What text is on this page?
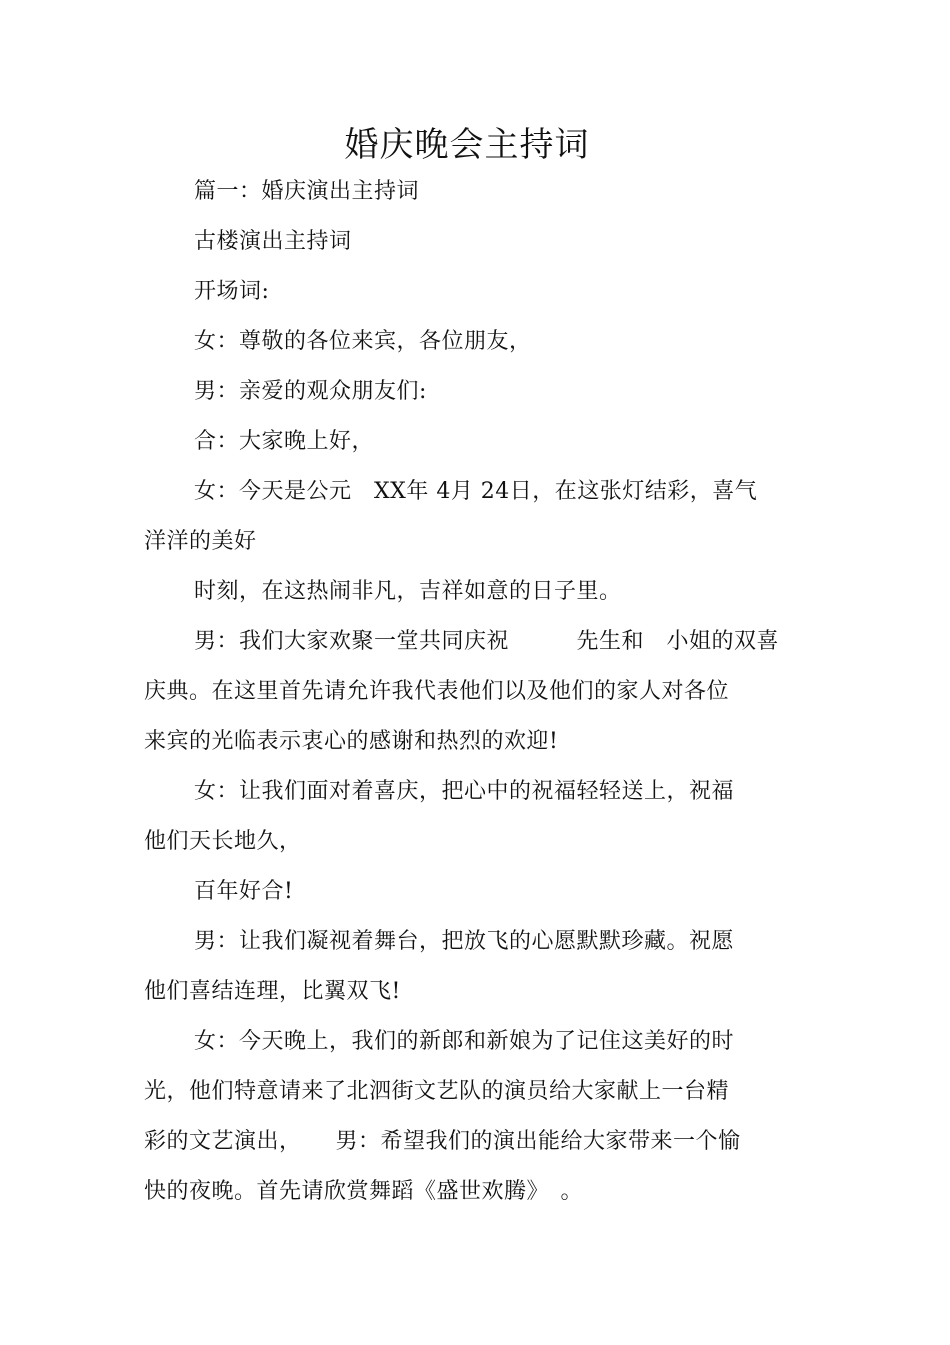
婚庆晚会主持词
篇一：婚庆演出主持词
古楼演出主持词
开场词:
女：尊敬的各位来宾，各位朋友，
男：亲爱的观众朋友们:
合：大家晚上好，
女：今天是公元　XX年 4月 24日，在这张灯结彩，喜气
洋洋的美好
时刻，在这热闹非凡，吉祥如意的日子里。
男：我们大家欢聚一堂共同庆祝　　　先生和　小姐的双喜
庆典。在这里首先请允许我代表他们以及他们的家人对各位
来宾的光临表示衷心的感谢和热烈的欢迎!
女：让我们面对着喜庆，把心中的祝福轻轻送上，祝福
他们天长地久，
百年好合!
男：让我们凝视着舞台，把放飞的心愿默默珍藏。祝愿
他们喜结连理，比翼双飞!
女：今天晚上，我们的新郎和新娘为了记住这美好的时
光，他们特意请来了北泗街文艺队的演员给大家献上一台精
彩的文艺演出，　　男：希望我们的演出能给大家带来一个愉
快的夜晚。首先请欣赏舞蹈《盛世欢腾》　。
